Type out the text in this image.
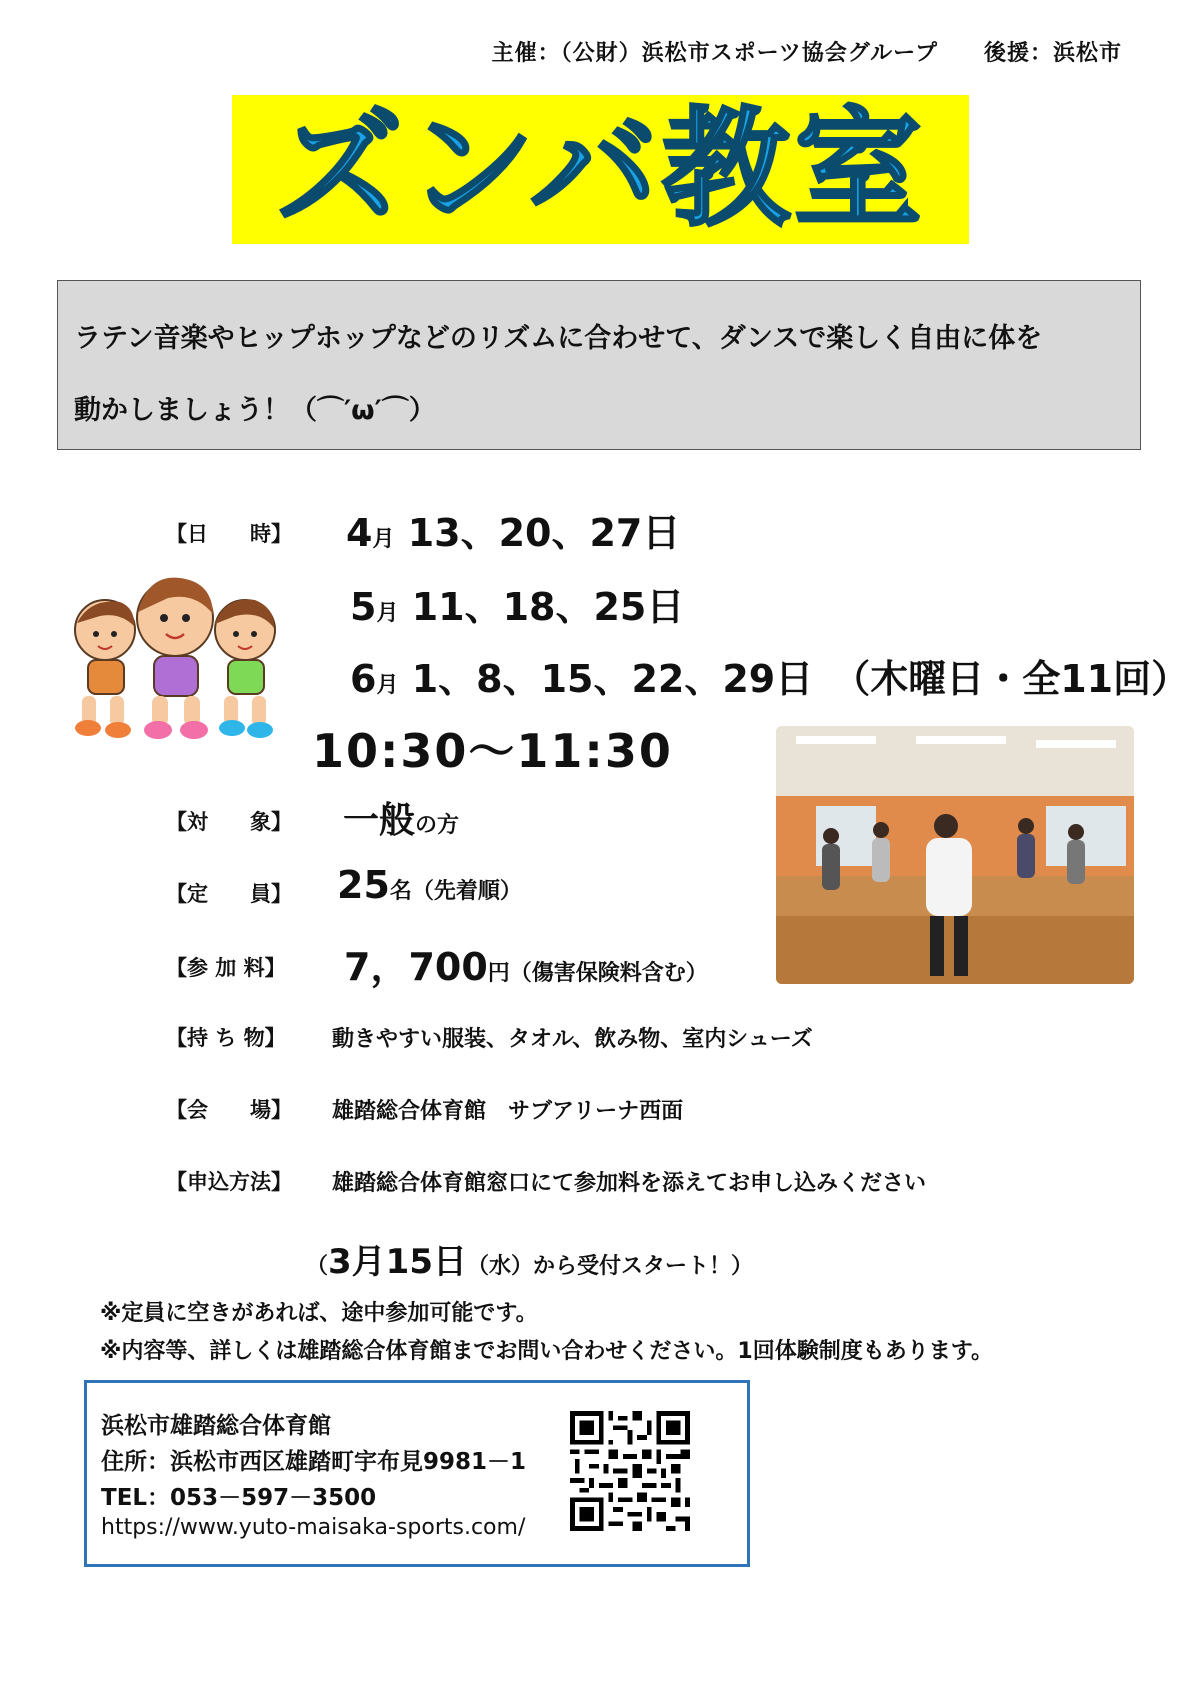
主催：（公財）浜松市スポーツ協会グループ　　後援：浜松市
ズンバ教室
ラテン音楽やヒップホップなどのリズムに合わせて、ダンスで楽しく自由に体を
動かしましょう！（⌒′ω′⌒）
【日　　時】 4月 13、20、27日
5月 11、18、25日
6月 1、8、15、22、29日　（木曜日・全11回）
10:30～11:30
【対　　象】 一般の方
【定　　員】 25名（先着順）
【参 加 料】 7，700円（傷害保険料含む）
【持 ち 物】 動きやすい服装、タオル、飲み物、室内シューズ
【会　　場】 雄踏総合体育館　サブアリーナ西面
【申込方法】 雄踏総合体育館窓口にて参加料を添えてお申し込みください
（3月15日（水）から受付スタート！）
※定員に空きがあれば、途中参加可能です。
※内容等、詳しくは雄踏総合体育館までお問い合わせください。1回体験制度もあります。
浜松市雄踏総合体育館
住所：浜松市西区雄踏町宇布見9981－1
TEL：053－597－3500
https://www.yuto-maisaka-sports.com/
